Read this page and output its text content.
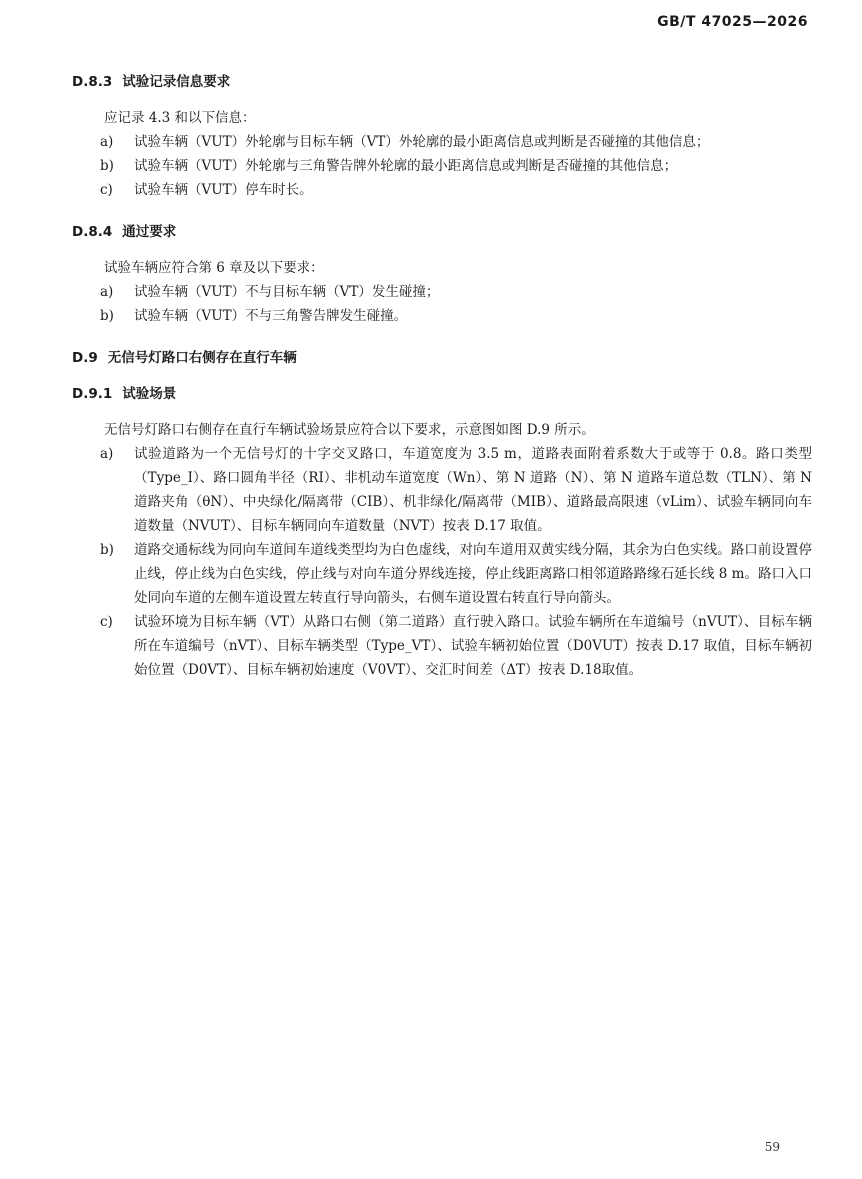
GB/T 47025—2026
D.8.3 试验记录信息要求
应记录 4.3 和以下信息：
a) 试验车辆（VUT）外轮廓与目标车辆（VT）外轮廓的最小距离信息或判断是否碰撞的其他信息；
b) 试验车辆（VUT）外轮廓与三角警告牌外轮廓的最小距离信息或判断是否碰撞的其他信息；
c) 试验车辆（VUT）停车时长。
D.8.4 通过要求
试验车辆应符合第 6 章及以下要求：
a) 试验车辆（VUT）不与目标车辆（VT）发生碰撞；
b) 试验车辆（VUT）不与三角警告牌发生碰撞。
D.9 无信号灯路口右侧存在直行车辆
D.9.1 试验场景
无信号灯路口右侧存在直行车辆试验场景应符合以下要求，示意图如图 D.9 所示。
a) 试验道路为一个无信号灯的十字交叉路口，车道宽度为 3.5 m，道路表面附着系数大于或等于 0.8。路口类型（Type_I）、路口圆角半径（RI）、非机动车道宽度（Wn）、第 N 道路（N）、第 N 道路车道总数（TLN）、第 N 道路夹角（θN）、中央绿化/隔离带（CIB）、机非绿化/隔离带（MIB）、道路最高限速（vLim）、试验车辆同向车道数量（NVUT）、目标车辆同向车道数量（NVT）按表 D.17 取值。
b) 道路交通标线为同向车道间车道线类型均为白色虚线，对向车道用双黄实线分隔，其余为白色实线。路口前设置停止线，停止线为白色实线，停止线与对向车道分界线连接，停止线距离路口相邻道路路缘石延长线 8 m。路口入口处同向车道的左侧车道设置左转直行导向箭头，右侧车道设置右转直行导向箭头。
c) 试验环境为目标车辆（VT）从路口右侧（第二道路）直行驶入路口。试验车辆所在车道编号（nVUT）、目标车辆所在车道编号（nVT）、目标车辆类型（Type_VT）、试验车辆初始位置（D0VUT）按表 D.17 取值，目标车辆初始位置（D0VT）、目标车辆初始速度（V0VT）、交汇时间差（ΔT）按表 D.18取值。
59
